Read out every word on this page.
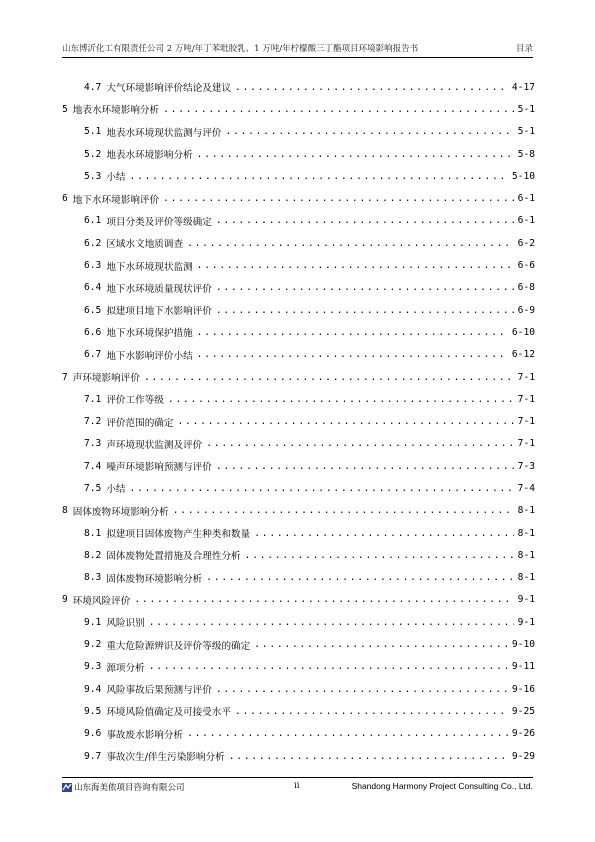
山东博沂化工有限责任公司 2 万吨/年丁苯吡胶乳、1 万吨/年柠檬酸三丁酯项目环境影响报告书	目录
4.7 大气环境影响评价结论及建议 . . .	4-17
5 地表水环境影响分析 . . .	5-1
5.1 地表水环境现状监测与评价 . . .	5-1
5.2 地表水环境影响分析 . . .	5-8
5.3 小结 . . .	5-10
6 地下水环境影响评价 . . .	6-1
6.1 项目分类及评价等级确定 . . .	6-1
6.2 区域水文地质调查 . . .	6-2
6.3 地下水环境现状监测 . . .	6-6
6.4 地下水环境质量现状评价 . . .	6-8
6.5 拟建项目地下水影响评价 . . .	6-9
6.6 地下水环境保护措施 . . .	6-10
6.7 地下水影响评价小结 . . .	6-12
7 声环境影响评价 . . .	7-1
7.1 评价工作等级 . . .	7-1
7.2 评价范围的确定 . . .	7-1
7.3 声环境现状监测及评价 . . .	7-1
7.4 噪声环境影响预测与评价 . . .	7-3
7.5 小结 . . .	7-4
8 固体废物环境影响分析 . . .	8-1
8.1 拟建项目固体废物产生种类和数量 . . .	8-1
8.2 固体废物处置措施及合理性分析 . . .	8-1
8.3 固体废物环境影响分析 . . .	8-1
9 环境风险评价 . . .	9-1
9.1 风险识别 . . .	9-1
9.2 重大危险源辨识及评价等级的确定 . . .	9-10
9.3 源项分析 . . .	9-11
9.4 风险事故后果预测与评价 . . .	9-16
9.5 环境风险值确定及可接受水平 . . .	9-25
9.6 事故废水影响分析 . . .	9-26
9.7 事故次生/伴生污染影响分析 . . .	9-29
山东海美侬项目咨询有限公司	ii	Shandong Harmony Project Consulting Co., Ltd.
